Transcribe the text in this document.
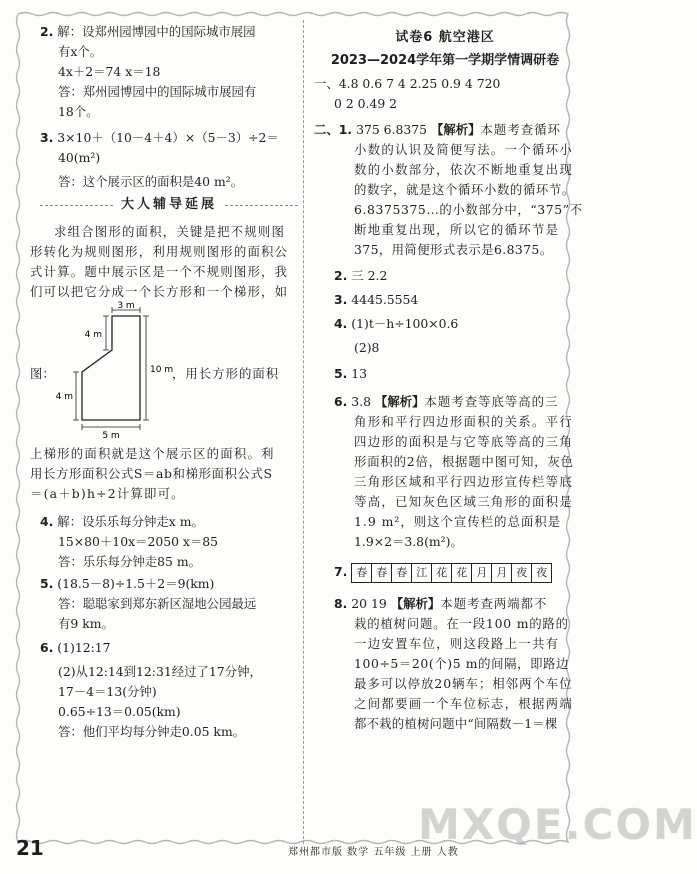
2. 解：设郑州园博园中的国际城市展园
有x个。
4x＋2＝74 x＝18
答：郑州园博园中的国际城市展园有
18个。
3. 3×10＋（10－4＋4）×（5－3）÷2＝
40(m²)
答：这个展示区的面积是40 m²。
大人辅导延展
求组合图形的面积，关键是把不规则图
形转化为规则图形，利用规则图形的面积公
式计算。题中展示区是一个不规则图形，我
们可以把它分成一个长方形和一个梯形，如
图：
3 m
4 m
10 m
4 m
5 m
，用长方形的面积
上梯形的面积就是这个展示区的面积。利
用长方形面积公式S＝ab和梯形面积公式S
＝(a＋b)h÷2计算即可。
4. 解：设乐乐每分钟走x m。
15×80＋10x＝2050 x＝85
答：乐乐每分钟走85 m。
5. (18.5－8)÷1.5＋2＝9(km)
答：聪聪家到郑东新区湿地公园最远
有9 km。
6. (1)12:17
(2)从12:14到12:31经过了17分钟，
17－4＝13(分钟)
0.65÷13＝0.05(km)
答：他们平均每分钟走0.05 km。
试卷6 航空港区
2023—2024学年第一学期学情调研卷
一、4.8 0.6 7 4 2.25 0.9 4 720
0 2 0.49 2
二、1. 375 6.8375 【解析】本题考查循环
小数的认识及简便写法。一个循环小
数的小数部分，依次不断地重复出现
的数字，就是这个循环小数的循环节。
6.8375375…的小数部分中，“375”不
断地重复出现，所以它的循环节是
375，用简便形式表示是6.8375。
2. 三 2.2
3. 4445.5554
4. (1)t－h÷100×0.6
(2)8
5. 13
6. 3.8 【解析】本题考查等底等高的三
角形和平行四边形面积的关系。平行
四边形的面积是与它等底等高的三角
形面积的2倍，根据题中图可知，灰色
三角形区域和平行四边形宣传栏等底
等高，已知灰色区域三角形的面积是
1.9 m²，则这个宣传栏的总面积是
1.9×2＝3.8(m²)。
7. 春 春 春 江 花 花 月 月 夜 夜
8. 20 19 【解析】本题考查两端都不
栽的植树问题。在一段100 m的路的
一边安置车位，则这段路上一共有
100÷5＝20(个)5 m的间隔，即路边
最多可以停放20辆车；相邻两个车位
之间都要画一个车位标志，根据两端
都不栽的植树问题中“间隔数－1＝棵
MXQE.COM
21	郑州都市版 数学 五年级 上册 人教
